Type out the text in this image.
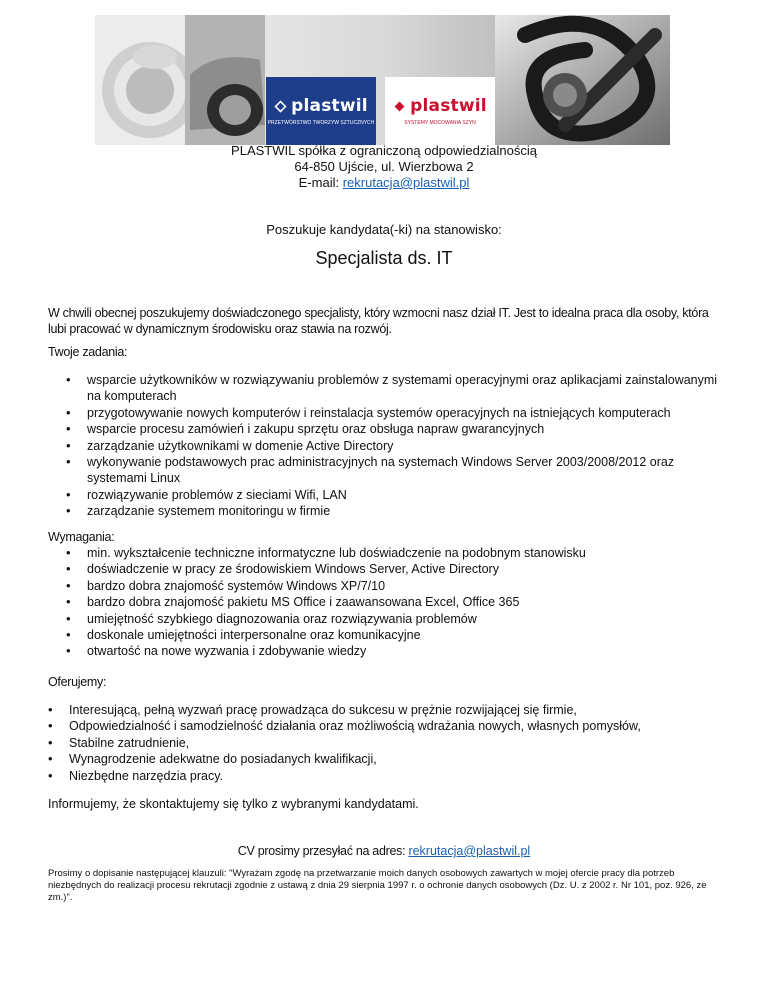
plastwil
PRZETWÓRSTWO TWORZYW SZTUCZNYCH
plastwil
SYSTEMY MOCOWANIA SZYN
PLASTWIL spółka z ograniczoną odpowiedzialnością
64-850 Ujście, ul. Wierzbowa 2
E-mail: rekrutacja@plastwil.pl
Poszukuje kandydata(-ki) na stanowisko:
Specjalista ds. IT
W chwili obecnej poszukujemy doświadczonego specjalisty, który wzmocni nasz dział IT. Jest to idealna praca dla osoby, która lubi pracować w dynamicznym środowisku oraz stawia na rozwój.
Twoje zadania:
• wsparcie użytkowników w rozwiązywaniu problemów z systemami operacyjnymi oraz aplikacjami zainstalowanymi na komputerach
• przygotowywanie nowych komputerów i reinstalacja systemów operacyjnych na istniejących komputerach
• wsparcie procesu zamówień i zakupu sprzętu oraz obsługa napraw gwarancyjnych
• zarządzanie użytkownikami w domenie Active Directory
• wykonywanie podstawowych prac administracyjnych na systemach Windows Server 2003/2008/2012 oraz systemami Linux
• rozwiązywanie problemów z sieciami Wifi, LAN
• zarządzanie systemem monitoringu w firmie
Wymagania:
• min. wykształcenie techniczne informatyczne lub doświadczenie na podobnym stanowisku
• doświadczenie w pracy ze środowiskiem Windows Server, Active Directory
• bardzo dobra znajomość systemów Windows XP/7/10
• bardzo dobra znajomość pakietu MS Office i zaawansowana Excel, Office 365
• umiejętność szybkiego diagnozowania oraz rozwiązywania problemów
• doskonale umiejętności interpersonalne oraz komunikacyjne
• otwartość na nowe wyzwania i zdobywanie wiedzy
Oferujemy:
• Interesującą, pełną wyzwań pracę prowadząca do sukcesu w prężnie rozwijającej się firmie,
• Odpowiedzialność i samodzielność działania oraz możliwością wdrażania nowych, własnych pomysłów,
• Stabilne zatrudnienie,
• Wynagrodzenie adekwatne do posiadanych kwalifikacji,
• Niezbędne narzędzia pracy.
Informujemy, że skontaktujemy się tylko z wybranymi kandydatami.
CV prosimy przesyłać na adres: rekrutacja@plastwil.pl
Prosimy o dopisanie następującej klauzuli: "Wyrażam zgodę na przetwarzanie moich danych osobowych zawartych w mojej ofercie pracy dla potrzeb niezbędnych do realizacji procesu rekrutacji zgodnie z ustawą z dnia 29 sierpnia 1997 r. o ochronie danych osobowych (Dz. U. z 2002 r. Nr 101, poz. 926, ze zm.)".
